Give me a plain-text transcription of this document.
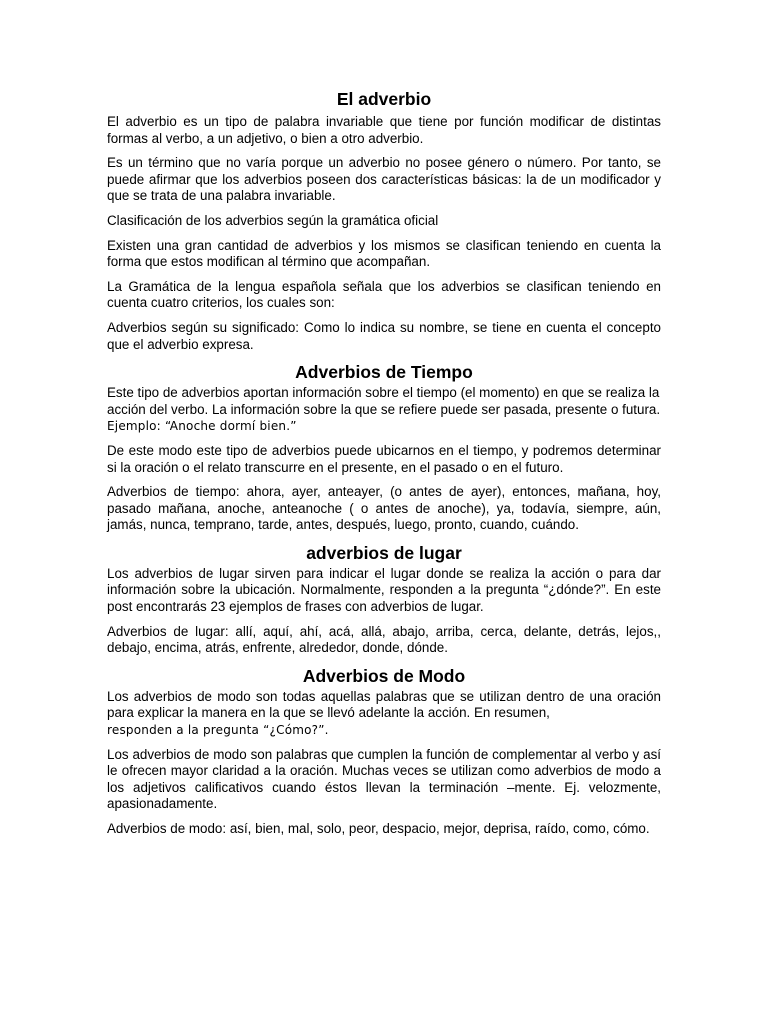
El adverbio

El adverbio es un tipo de palabra invariable que tiene por función modificar de distintas formas al verbo, a un adjetivo, o bien a otro adverbio.

Es un término que no varía porque un adverbio no posee género o número. Por tanto, se puede afirmar que los adverbios poseen dos características básicas: la de un modificador y que se trata de una palabra invariable.

Clasificación de los adverbios según la gramática oficial

Existen una gran cantidad de adverbios y los mismos se clasifican teniendo en cuenta la forma que estos modifican al término que acompañan.

La Gramática de la lengua española señala que los adverbios se clasifican teniendo en cuenta cuatro criterios, los cuales son:

Adverbios según su significado: Como lo indica su nombre, se tiene en cuenta el concepto que el adverbio expresa.

Adverbios de Tiempo

Este tipo de adverbios aportan información sobre el tiempo (el momento) en que se realiza la acción del verbo. La información sobre la que se refiere puede ser pasada, presente o futura. Ejemplo: “Anoche dormí bien.”

De este modo este tipo de adverbios puede ubicarnos en el tiempo, y podremos determinar si la oración o el relato transcurre en el presente, en el pasado o en el futuro.

Adverbios de tiempo: ahora, ayer, anteayer, (o antes de ayer), entonces, mañana, hoy, pasado mañana, anoche, anteanoche ( o antes de anoche), ya, todavía, siempre, aún, jamás, nunca, temprano, tarde, antes, después, luego, pronto, cuando, cuándo.

adverbios de lugar

Los adverbios de lugar sirven para indicar el lugar donde se realiza la acción o para dar información sobre la ubicación. Normalmente, responden a la pregunta “¿dónde?”. En este post encontrarás 23 ejemplos de frases con adverbios de lugar.

Adverbios de lugar: allí, aquí, ahí, acá, allá, abajo, arriba, cerca, delante, detrás, lejos,, debajo, encima, atrás, enfrente, alrededor, donde, dónde.

Adverbios de Modo

Los adverbios de modo son todas aquellas palabras que se utilizan dentro de una oración para explicar la manera en la que se llevó adelante la acción. En resumen,
responden a la pregunta “¿Cómo?”.

Los adverbios de modo son palabras que cumplen la función de complementar al verbo y así le ofrecen mayor claridad a la oración. Muchas veces se utilizan como adverbios de modo a los adjetivos calificativos cuando éstos llevan la terminación –mente. Ej. velozmente, apasionadamente.

Adverbios de modo: así, bien, mal, solo, peor, despacio, mejor, deprisa, raído, como, cómo.
